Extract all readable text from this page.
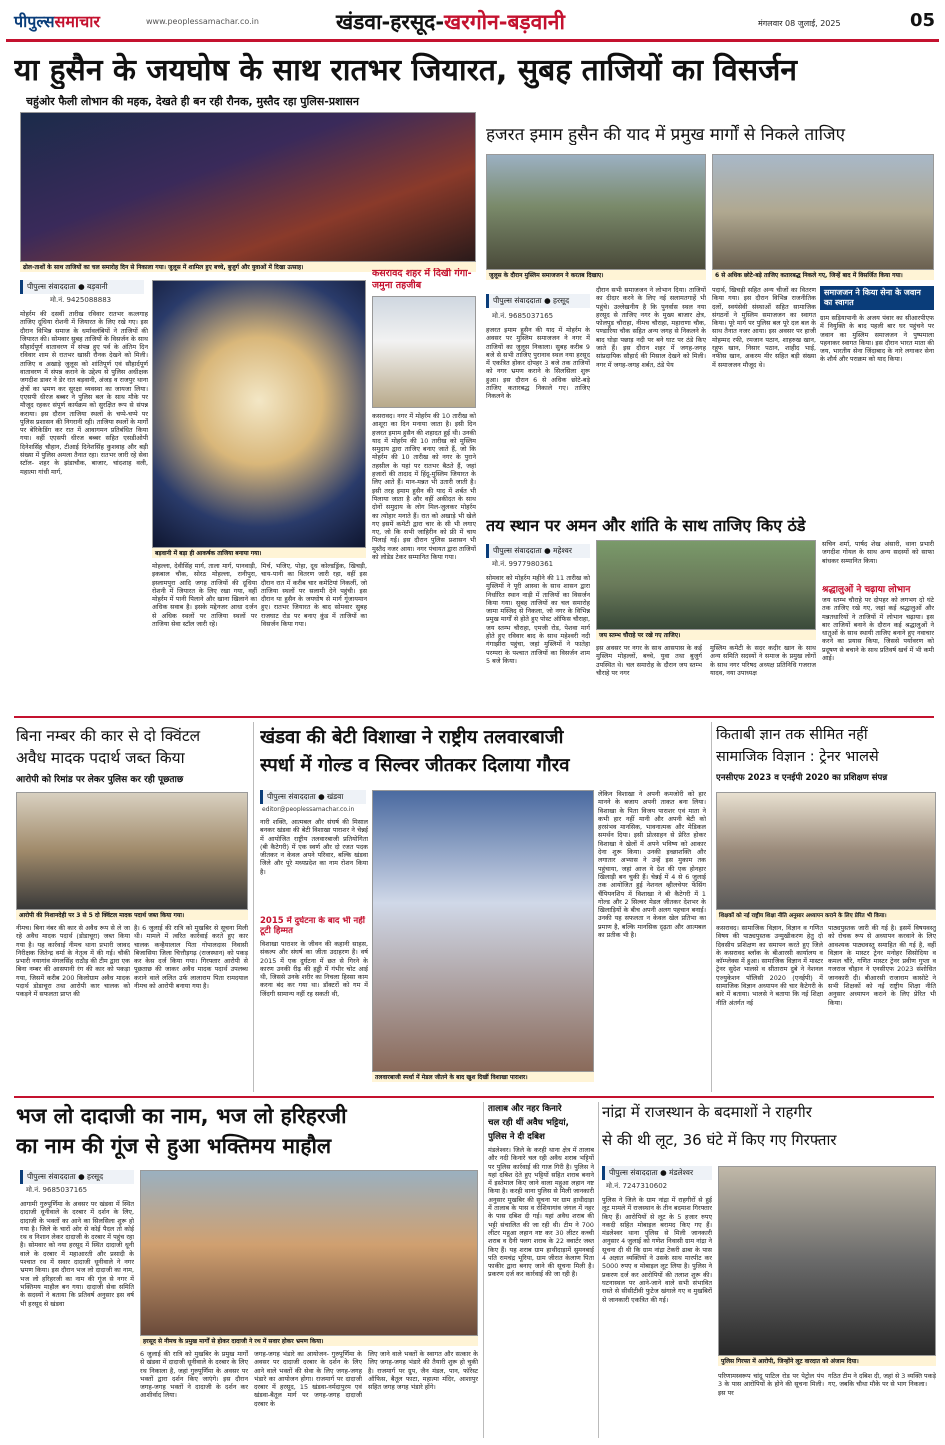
पीपुल्ससमाचार	www.peoplessamachar.co.in	खंडवा-हरसूद-खरगोन-बड़वानी	मंगलवार 08 जुलाई, 2025	05
या हुसैन के जयघोष के साथ रातभर जियारत, सुबह ताजियों का विसर्जन
चहुंओर फैली लोभान की महक, देखते ही बन रही रौनक, मुस्तैद रहा पुलिस-प्रशासन
ढोल-ताशों के साथ ताजियों का चल समारोह दिन से निकाला गया। जुलूस में शामिल हुए बच्चे, बुजुर्ग और युवाओं में दिखा उत्साह।
पीपुल्स संवाददाता ● बड़वानी
मो.नं. 9425088883
मोहर्रम की दसवीं तारीख रविवार रातभर कत्लगाह ताजिए दूधिया रोशनी में जियारत के लिए रखे गए। इस दौरान विभिन्न समाज के धर्मावलंबियों ने ताजियों की जियारत की। सोमवार सुबह ताजियों के विसर्जन के साथ सौहार्दपूर्ण वातावरण में संपन्न हुए पर्व के अंतिम दिन रविवार शाम से रातभर खासी रौनक देखने को मिली। ताजिए व अखाड़े जुलूस को शांतिपूर्ण एवं सौहार्दपूर्ण वातावरण में संपन्न कराने के उद्देश्य से पुलिस अधीक्षक जगदीश डावर ने डेर रात बड़वानी, अंजड़ व राजपुर थाना क्षेत्रों का भ्रमण कर सुरक्षा व्यवस्था का जायजा लिया। एएसपी धीरज बब्बर ने पुलिस बल के साथ मौके पर मौजूद रहकर संपूर्ण कार्यक्रम को सुरक्षित रूप से संपन्न कराया। इस दौरान ताजिया स्थलों के चप्पे-चप्पे पर पुलिस प्रशासन की निगरानी रही। ताजिया स्थलों के मार्गों पर बेरिकेडिंग कर रात में आवागमन प्रतिबंधित किया गया। वहीं एएसपी धीरज बब्बर सहित एसडीओपी दिनेशसिंह चौहान, टीआई दिनेशसिंह कुशवाह और बड़ी संख्या में पुलिस अमला तैनात रहा। रातभर जारी रहे सेवा स्टॉल- शहर के झंडाचौक, बाजार, चांदशाह वली, महात्मा गांधी मार्ग,
बड़वानी में बड़ा ही आकर्षक ताजिया बनाया गया।
मोहल्ला, देवीसिंह मार्ग, ताला मार्ग, पानवाड़ी, इकबाल चौक, सोरठ मोहल्ला, रानीपुरा, इस्लामपुरा आदि जगह ताजियों की दूधिया रोशनी में जियारत के लिए रखा गया, वहीं मोहर्रम में पानी पिलाने और खाना खिलाने का अधिक सवाब है। इसके मद्देनजर आधा दर्जन से अधिक स्थलों पर ताजिया स्थलों पर ताजिया सेवा स्टॉल जारी रहे।
मिर्च, भजिए, पोहा, दूध कोल्डड्रिंक, खिचड़ी, चाय-पानी का वितरण जारी रहा, वहीं इस दौरान रात में करीब चार कमेटियां निकलीं, जो ताजिया स्थलों पर सलामी देने पहुंची। इस दौरान या हुसैन के जयघोष से मार्ग गूंजायमान हुए। रातभर जियारत के बाद सोमवार सुबह राजघाट रोड पर बनाए कुंड में ताजियों का विसर्जन किया गया।
कसरावद शहर में दिखी गंगा-जमुना तहजीब
कसरावद। नगर में मोहर्रम की 10 तारीख को आशूरा का दिन मनाया जाता है। इसी दिन हजरत इमाम हुसैन की शहादत हुई थी। उनकी याद में मोहर्रम की 10 तारीख को मुस्लिम समुदाय द्वारा ताजिए बनाए जाते हैं, जो कि मोहर्रम की 10 तारीख को नगर के पुराने तहसील के यहां पर रातभर बैठते हैं, जहां हजारों की तादाद में हिंदू-मुस्लिम जियारत के लिए आते हैं। मान-मन्नत भी उतारी जाती है। इसी तरह इमाम हुसैन की याद में शर्बत भी पिलाया जाता है और वहीं अकीदत के साथ दोनों समुदाय के लोग मिल-जुलकर मोहर्रम का त्योहार मनाते हैं। रात को अखाड़े भी खेले गए इसमें कमेटी द्वारा चार के सी भी लगाए गए, जो कि सभी जाहिरीन को फ्री में चाय पिलाई गई। इस दौरान पुलिस प्रशासन भी मुस्तैद नजर आया। नगर पंचायत द्वारा ताजियों को लोडेड टेकर सम्मानित किया गया।
हजरत इमाम हुसैन की याद में प्रमुख मार्गों से निकले ताजिए
जुलूस के दौरान मुस्लिम समाजजन ने करतब दिखाए।	6 से अधिक छोटे-बड़े ताजिए कतारबद्ध निकले गए, जिन्हें बाद में विसर्जित किया गया।
पीपुल्स संवाददाता ● हरसूद
मो.नं. 9685037165
हजरत इमाम हुसैन की याद में मोहर्रम के अवसर पर मुस्लिम समाजजन ने नगर में ताजियों का जुलूस निकाला। सुबह करीब 9 बजे से सभी ताजिए पुरानाव स्थल नया हरसूद में एकत्रित होकर दोपहर 3 बजे तक ताजियों को नगर भ्रमण कराने के सिलसिला शुरू हुआ। इस दौरान 6 से अधिक छोटे-बड़े ताजिए कतारबद्ध निकाले गए। ताजिए निकलने के
दौरान सभी समाजजन ने लोभान दिया। ताजियों का दीदार करने के लिए नई सलामतगाहें भी पहुंचे। उल्लेखनीय है कि पुनर्वास स्थल नया हरसूद से ताजिए नगर के मुख्य बाजार क्षेत्र, फोलपुड चौराहा, नीमच चौराहा, महाराणा चौक, पण्डारिया चौक सहित अन्य जगह से निकलने के बाद घोड़ा पछाड़ नदी पर बने घाट पर ठंडे किए जाते हैं। इस दौरान शहर में जगह-जगह सांप्रदायिक सौहार्द की मिसाल देखने को मिली। नगर में जगह-जगह शर्बत, ठंडे पेय
पदार्थ, खिचड़ी सहित अन्य चीजों का वितरण किया गया। इस दौरान विभिन्न राजनीतिक दलों, स्वयंसेवी संस्थाओं सहित सामाजिक संगठनों ने मुस्लिम समाजजन का स्वागत किया। पूरे मार्ग पर पुलिस बल पूरे दल बल के साथ तैनात नजर आया। इस अवसर पर हाजी मोहम्मद रफी, रमजान पठान, शाहरुख खान, रहूफ खान, निसार पठान, शाहीद भाई, नफीस खान, अकरम मीर सहित बड़ी संख्या में समाजजन मौजूद थे।
समाजजन ने किया सेना के जवान का स्वागत
ग्राम सड़ियापानी के अजय पंवार का सीआरपीएफ में नियुक्ति के बाद पहली बार घर पहुंचने पर जवान का मुस्लिम समाजजन ने पुष्पमाला पहनाकर स्वागत किया। इस दौरान भारत माता की जय, भारतीय सेना जिंदाबाद के नारे लगाकर सेना के शौर्य और पराक्रम को याद किया।
तय स्थान पर अमन और शांति के साथ ताजिए किए ठंडे
पीपुल्स संवाददाता ● महेश्वर
मो.नं. 9977980361
सोमवार को मोहर्रम महीने की 11 तारीख को मुस्लिमों ने पूरी आस्था के साथ शासन द्वारा निर्धारित स्थान नाड़ी में ताजियों का विसर्जन किया गया। सुबह ताजियों का चल समारोह जामा मस्जिद से निकला, जो नगर के विभिन्न प्रमुख मार्गों से होते हुए पोस्ट ऑफिस चौराहा, जय स्तम्भ चौराहा, एमजी रोड, पेशवा मार्ग होते हुए रविवार बाद के साथ महेश्वरी नदी गंगाझीरा पहुंचा, जहां मुस्लिमों ने फातेहा परम्परा के पश्चात ताजियों का विसर्जन शाम 5 बजे किया।
जय स्तम्भ चौराहे पर रखे गए ताजिए।
इस अवसर पर नगर के साथ आसपास के कई मुस्लिम मोहल्लों, बच्चे, युवा तथा बुजुर्ग उपस्थित थे। चल समारोह के दौरान जय स्तम्भ चौराहे पर नगर
मुस्लिम कमेटी के सदर कदीर खान के साथ अन्य समिति सदस्यों ने समाज के प्रमुख लोगों के साथ नगर परिषद अध्यक्ष प्रतिनिधि गजराज यादव, नया उपाध्यक्ष
सचिन शर्मा, पार्षद शेख अंसारी, थाना प्रभारी जगदीश गोयल के साथ अन्य सदस्यों को साफा बांधकर सम्मानित किया।
श्रद्धालुओं ने चढ़ाया लोभान
जय स्तम्भ चौराहे पर दोपहर को लगभग दो घंटे तक ताजिए रखे गए, जहां कई श्रद्धालुओं और मन्नतधारियों ने ताजियों में लोभान चढ़ाया। इस बार ताजियों बनाने के दौरान कई श्रद्धालुओं ने धातुओं के साथ स्थायी ताजिए बनाने हुए नवाचार करने का प्रयास किया, जिससे पर्यावरण को प्रदूषण से बचाने के साथ प्रतिवर्ष खर्च में भी कमी आई।
बिना नम्बर की कार से दो क्विंटल
अवैध मादक पदार्थ जब्त किया
आरोपी को रिमांड पर लेकर पुलिस कर रही पूछताछ
आरोपी की निशानदेही पर 3 से 5 दो क्विंटल मादक पदार्थ जब्त किया गया।
नीमच। बिना नंबर की कार से अवैध रूप से ले जा रहे अवैध मादक पदार्थ (डोडाचूरा) जब्त किया गया है। यह कार्रवाई नीमच थाना प्रभारी जावद निरीक्षक जितेन्द्र वर्मा के नेतृत्व में की गई। चौकी प्रभारी नयागांव मंगलसिंह राठौड़ की टीम द्वारा एक बिना नम्बर की आसपानी रंग की कार को पकड़ा गया, जिसमें करीब 200 किलोग्राम अवैध मादक पदार्थ डोडाचूरा तथा आरोपी कार चालक को पकड़ने में सफलता प्राप्त की
है। 6 जुलाई की रात्रि को मुखबिर से सूचना मिली थी। मामले में त्वरित कार्रवाई करते हुए कार चालक कन्हैयालाल पिता गोपालदास निवासी बिजासिया जिला चित्तौड़गढ़ (राजस्थान) को पकड़ कर केस दर्ज किया गया। गिरफ्तार आरोपी से पूछताछ की जाकर अवैध मादक पदार्थ उपलब्ध कराने वाले ललित उर्फ लालाराम पिता रामदयाल नीमच को आरोपी बनाया गया है।
खंडवा की बेटी विशाखा ने राष्ट्रीय तलवारबाजी
स्पर्धा में गोल्ड व सिल्वर जीतकर दिलाया गौरव
पीपुल्स संवाददाता ● खंडवा
editor@peoplessamachar.co.in
नारी शक्ति, आत्मबल और संघर्ष की मिसाल बनकर खंडवा की बेटी विशाखा पाराशर ने चेन्नई में आयोजित राष्ट्रीय तलवारबाजी प्रतियोगिता (बी कैटेगरी) में एक स्वर्ण और दो रजत पदक जीतकर न केवल अपने परिवार, बल्कि खंडवा जिले और पूरे मध्यप्रदेश का नाम रोशन किया है।
2015 में दुर्घटना के बाद भी नहीं टूटी हिम्मत
विशाखा पाराशर के जीवन की कहानी साहस, संकल्प और संघर्ष का जीता उदाहरण है। वर्ष 2015 में एक दुर्घटना में छत से गिरने के कारण उनकी रीढ़ की हड्डी में गंभीर चोट आई थी, जिससे उनके शरीर का निचला हिस्सा काम करना बंद कर गया था। डॉक्टरों को गम में जिंदगी सामान्य नहीं रह सकती थी,
तलवारबाजी स्पर्धा में मेडल जीतने के बाद खुश दिखीं विशाखा पाराशर।
लेकिन विशाखा ने अपनी कमजोरी को हार मानने के बजाय अपनी ताकत बना लिया। विशाखा के पिता विजय पाराशर एवं माता ने कभी हार नहीं मानी और अपनी बेटी को हरसंभव मानसिक, भावनात्मक और मेडिकल समर्थन दिया। इसी प्रोत्साहन से प्रेरित होकर विशाखा ने खेलों में अपने भविष्य को आकार देना शुरू किया। उनकी इच्छाशक्ति और लगातार अभ्यास ने उन्हें इस मुकाम तक पहुंचाया, जहां आज वे देश की एक होनहार खिलाड़ी बन चुकी हैं। चेन्नई में 4 से 6 जुलाई तक आयोजित हुई नेशनल व्हीलचेयर फेंसिंग चैंपियनशिप में विशाखा ने बी कैटेगरी में 1 गोल्ड और 2 सिल्वर मेडल जीतकर देशभर के खिलाड़ियों के बीच अपनी अलग पहचान बनाई। उनकी यह सफलता न केवल खेल प्रतिभा का प्रमाण है, बल्कि मानसिक दृढ़ता और आत्मबल का प्रतीक भी है।
किताबी ज्ञान तक सीमित नहीं
सामाजिक विज्ञान : ट्रेनर भालसे
एनसीएफ 2023 व एनईपी 2020 का प्रशिक्षण संपन्न
शिक्षकों को नई राष्ट्रीय शिक्षा नीति अनुसार अध्यापन कराने के लिए प्रेरित भी किया।
कसरावद। सामाजिक विज्ञान, विज्ञान व गणित विषय की पाठ्यपुस्तक उन्मुखीकरण हेतु दो दिवसीय प्रशिक्षण का समापन करते हुए जिले के कसरावद ब्लॉक के बीआरसी कार्यालय व कॉम्प्लेक्स में हुआ। सामाजिक विज्ञान में मास्टर ट्रेनर सुदेश भालसे व सीताराम दुबे ने नेशनल एज्युकेशन पॉलिसी 2020 (एनईपी) में सामाजिक विज्ञान अध्यापन की चार कैटेगरी के बारे में बताया। भालसे ने बताया कि नई शिक्षा नीति अंतर्गत नई
पाठ्यपुस्तक जारी की गई है। इसमें विषयवस्तु को रोचक रूप से अध्यापन करवाने के लिए आवश्यक पाठ्यवस्तु समाहित की गई है, वहीं विज्ञान के मास्टर ट्रेनर मनोहर सिसोदिया व कमल चौरे, गणित मास्टर ट्रेनर प्रवीण गुप्ता व गजराज चौहान ने एनसीएफ 2023 संशोधित जानकारी दी। बीआरसी राजाराम कासोटे ने सभी शिक्षकों को नई राष्ट्रीय शिक्षा नीति अनुसार अध्यापन कराने के लिए प्रेरित भी किया।
भज लो दादाजी का नाम, भज लो हरिहरजी
का नाम की गूंज से हुआ भक्तिमय माहौल
पीपुल्स संवाददाता ● हरसूद
मो.नं. 9685037165
आगामी गुरुपूर्णिमा के अवसर पर खंडवा में स्थित दादाजी धूनीवाले के दरबार में दर्शन के लिए, दादाजी के भक्तों का आने का सिलसिला शुरू हो गया है। जिले के चारों ओर से कोई पैदल तो कोई रथ व निशान लेकर दादाजी के दरबार में पहुंच रहा है। सोमवार को नया हरसूद में स्थित दादाजी धूनी वाले के दरबार में महाआरती और प्रसादी के पश्चात रथ में सवार दादाजी धूनीवाले ने नगर भ्रमण किया। इस दौरान भज लो दादाजी का नाम, भज लो हरिहरजी का नाम की गूंज से नगर में भक्तिमय माहौल बन गया। दादाजी सेवा समिति के सदस्यों ने बताया कि प्रतिवर्ष अनुसार इस वर्ष भी हरसूद से खंडवा
हरसूद से नीमच के प्रमुख मार्गों से होकर दादाजी ने रथ में सवार होकर भ्रमण किया।
6 जुलाई की रात्रि को मुखबिर के प्रमुख मार्गों से खंडवा में दादाजी धूनीवाले के दरबार के लिए रथ निकाला है, जहां गुरुपूर्णिमा के अवसर पर भक्तों द्वारा दर्शन किए जाएंगे। इस दौरान जगह-जगह भक्तों ने दादाजी के दर्शन कर आशीर्वाद लिया।
जगह-जगह भंडारे का आयोजन- गुरुपूर्णिमा के अवसर पर दादाजी दरबार के दर्शन के लिए आने वाले भक्तों की सेवा के लिए जगह-जगह भंडारे का आयोजन होगा। राजमार्ग पर दादाजी दरबार में हरसूद, 15 खंडवा-नर्मदापुरम एवं खंडवा-बैतूल मार्ग पर जगह-जगह दादाजी दरबार के
लिए जाने वाले भक्तों के स्वागत और सत्कार के लिए जगह-जगह भंडारे की तैयारी शुरू हो चुकी है। राजमार्ग पर ग्रुप, जैन मंडल, पान, फॉरेस्ट ऑफिस, बैतूल फाटा, महात्मा मंदिर, आशापुर सहित जगह जगह भंडारे होंगे।
तालाब और नहर किनारे
चल रही थीं अवैध भट्टियां,
पुलिस ने दी दबिश
मंडलेश्वर। जिले के करही थाना क्षेत्र में तालाब और नदी किनारे चल रही अवैध शराब भट्टियों पर पुलिस कार्रवाई की गाज गिरी है। पुलिस ने यहां दबिश देते हुए भट्टियों सहित शराब बनाने में इस्तेमाल किए जाने वाला महुआ लहान नष्ट किया है। करही थाना पुलिस से मिली जानकारी अनुसार मुखबिर की सूचना पर ग्राम हाथीदाड़ा में तालाब के पास व रोशियागांव जंगल में नहर के पास दबिश दी गई। यहां अवैध शराब की भट्टी संचालित की जा रही थी। टीम ने 700 लीटर महुआ लहान नष्ट कर 30 लीटर कच्ची शराब व दैनी फ्लग शराब के 22 क्वार्टर जब्त किए हैं। यह शराब ग्राम हाथीदाड़ामें सुमनबाई पति रामचंद्र भूरिया, ग्राम जीरात केलाण पिता फाकीर द्वारा बनाए जाने की सूचना मिली है। प्रकरण दर्ज कर कार्रवाई की जा रही है।
नांद्रा में राजस्थान के बदमाशों ने राहगीर
से की थी लूट, 36 घंटे में किए गए गिरफ्तार
पीपुल्स संवाददाता ● मंडलेश्वर
मो.नं. 7247310602
पुलिस ने जिले के ग्राम नांद्रा में राहगीरों से हुई लूट मामले में राजस्थान के तीन बदमाश गिरफ्तार किए हैं। आरोपियों से लूट के 5 हजार रुपए नकदी सहित मोबाइल बरामद किए गए हैं। मंडलेश्वर थाना पुलिस से मिली जानकारी अनुसार 4 जुलाई को गणेश निवासी ग्राम नांद्रा ने सूचना दी थी कि ग्राम नांद्रा टेकरी ढाबा के पास 4 अज्ञात व्यक्तियों ने उसके साथ मारपीट कर 5000 रुपए व मोबाइल लूट लिया है। पुलिस ने प्रकरण दर्ज कर आरोपियों की तलाश शुरू की। घटनास्थल पर आने-जाने वाले सभी संभावित रास्ते से सीसीटीवी फुटेज खंगाले गए व मुखबिरों से जानकारी एकत्रित की गई।
पुलिस गिरफ्त में आरोपी, जिन्होंने लूट वारदात को अंजाम दिया।
परिणामस्वरूप चांदू पाटिल रोड पर पेट्रोल पंप 3 के पास आरोपियों के होने की सूचना मिली। इस पर
गठित टीम ने दबिश दी, जहां से 3 व्यक्ति पकड़े गए, जबकि चौथा मौके पर से भाग निकला।
